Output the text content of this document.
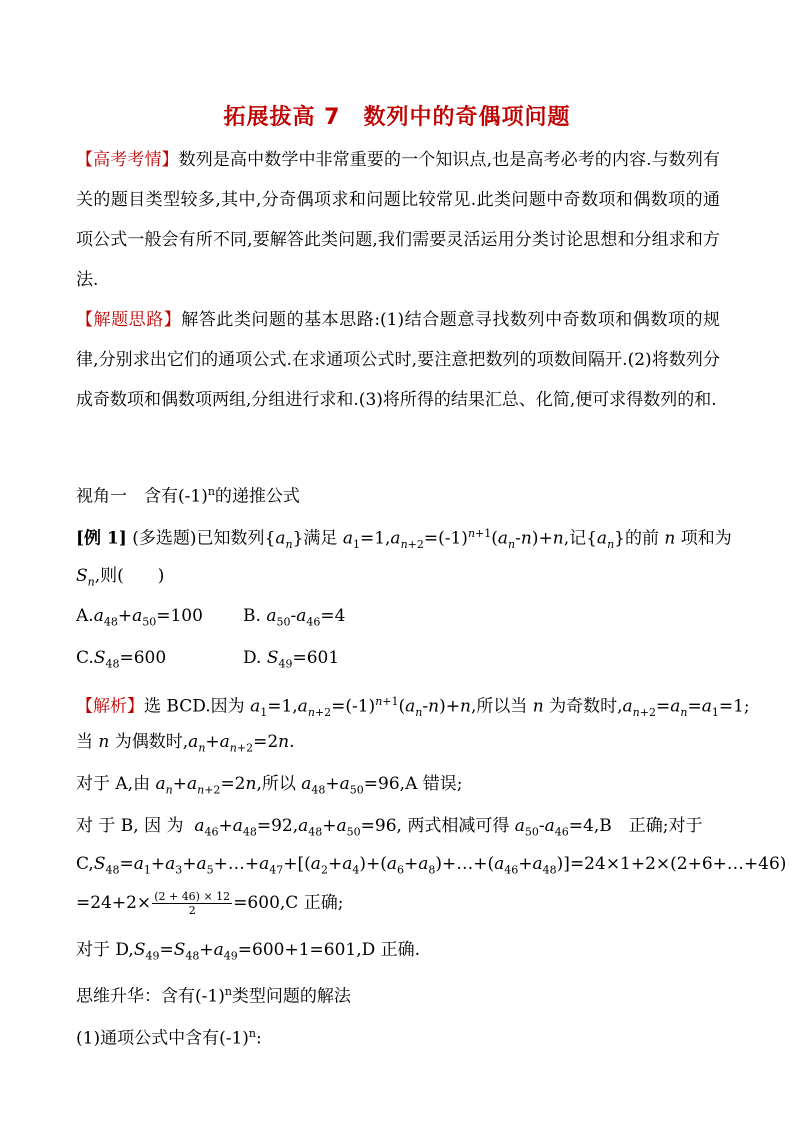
拓展拔高 7　数列中的奇偶项问题
【高考考情】数列是高中数学中非常重要的一个知识点,也是高考必考的内容.与数列有关的题目类型较多,其中,分奇偶项求和问题比较常见.此类问题中奇数项和偶数项的通项公式一般会有所不同,要解答此类问题,我们需要灵活运用分类讨论思想和分组求和方法.
【解题思路】解答此类问题的基本思路:(1)结合题意寻找数列中奇数项和偶数项的规律,分别求出它们的通项公式.在求通项公式时,要注意把数列的项数间隔开.(2)将数列分成奇数项和偶数项两组,分组进行求和.(3)将所得的结果汇总、化简,便可求得数列的和.
视角一　含有$(-1)^n$的递推公式
[例 1] (多选题)已知数列$\{a_n\}$满足 $a_1=1,a_{n+2}=(-1)^{n+1}(a_n-n)+n$,记$\{a_n\}$的前 n 项和为
$S_n$,则(　　)
$A.a_{48}+a_{50}=100$ B. $a_{50}-a_{46}=4$
$C.S_{48}=600$	D. $S_{49}=601$
【解析】选 BCD.因为 $a_1=1,a_{n+2}=(-1)^{n+1}(a_n-n)+n$,所以当 n 为奇数时$,a_{n+2}=a_n=a_1=1$;
当 n 为偶数时$,a_n+a_{n+2}=2n$.
对于 A,由 $a_n+a_{n+2}=2n$,所以 $a_{48}+a_{50}=96,A$ 错误;
对 于 B, 因 为 $a_{46}+a_{48}=92,a_{48}+a_{50}=96$, 两式相减可得 $a_{50}-a_{46}=4,B$　正确;对于
$C,S_{48}=a_1+a_3+a_5+\dots+a_{47}+[(a_2+a_4)+(a_6+a_8)+\dots+(a_{46}+a_{48})]=24\times 1+2\times(2+6+\dots+46)$
$=24+2\times \frac{(2 + 46) \times 12}{2} =600,C$ 正确;
对于 $D,S_{49}=S_{48}+a_{49}=600+1=601,D$ 正确.
思维升华：含有$(-1)^n$类型问题的解法
(1)通项公式中含有$(-1)^n$:
